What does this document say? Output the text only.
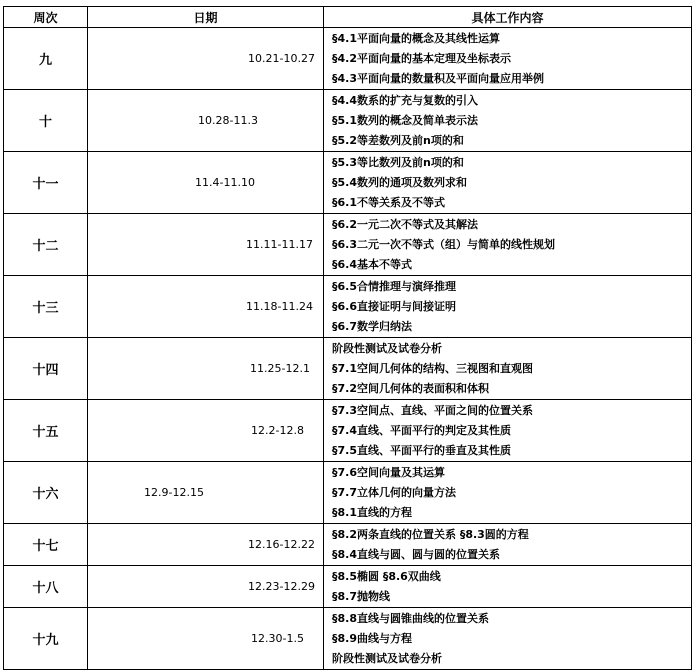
周次	日期	具体工作内容
九	10.21-10.27	§4.1平面向量的概念及其线性运算
§4.2平面向量的基本定理及坐标表示
§4.3平面向量的数量积及平面向量应用举例

十	10.28-11.3	§4.4数系的扩充与复数的引入
§5.1数列的概念及简单表示法
§5.2等差数列及前n项的和

十一	11.4-11.10	§5.3等比数列及前n项的和
§5.4数列的通项及数列求和
§6.1不等关系及不等式

十二	11.11-11.17	§6.2一元二次不等式及其解法
§6.3二元一次不等式（组）与简单的线性规划
§6.4基本不等式

十三	11.18-11.24	§6.5合情推理与演绎推理
§6.6直接证明与间接证明
§6.7数学归纳法

十四	11.25-12.1	阶段性测试及试卷分析
§7.1空间几何体的结构、三视图和直观图
§7.2空间几何体的表面积和体积

十五	12.2-12.8	§7.3空间点、直线、平面之间的位置关系
§7.4直线、平面平行的判定及其性质
§7.5直线、平面平行的垂直及其性质

十六	12.9-12.15	§7.6空间向量及其运算
§7.7立体几何的向量方法
§8.1直线的方程

十七	12.16-12.22	§8.2两条直线的位置关系 §8.3圆的方程
§8.4直线与圆、圆与圆的位置关系

十八	12.23-12.29	§8.5椭圆 §8.6双曲线
§8.7抛物线

十九	12.30-1.5	§8.8直线与圆锥曲线的位置关系
§8.9曲线与方程
阶段性测试及试卷分析
